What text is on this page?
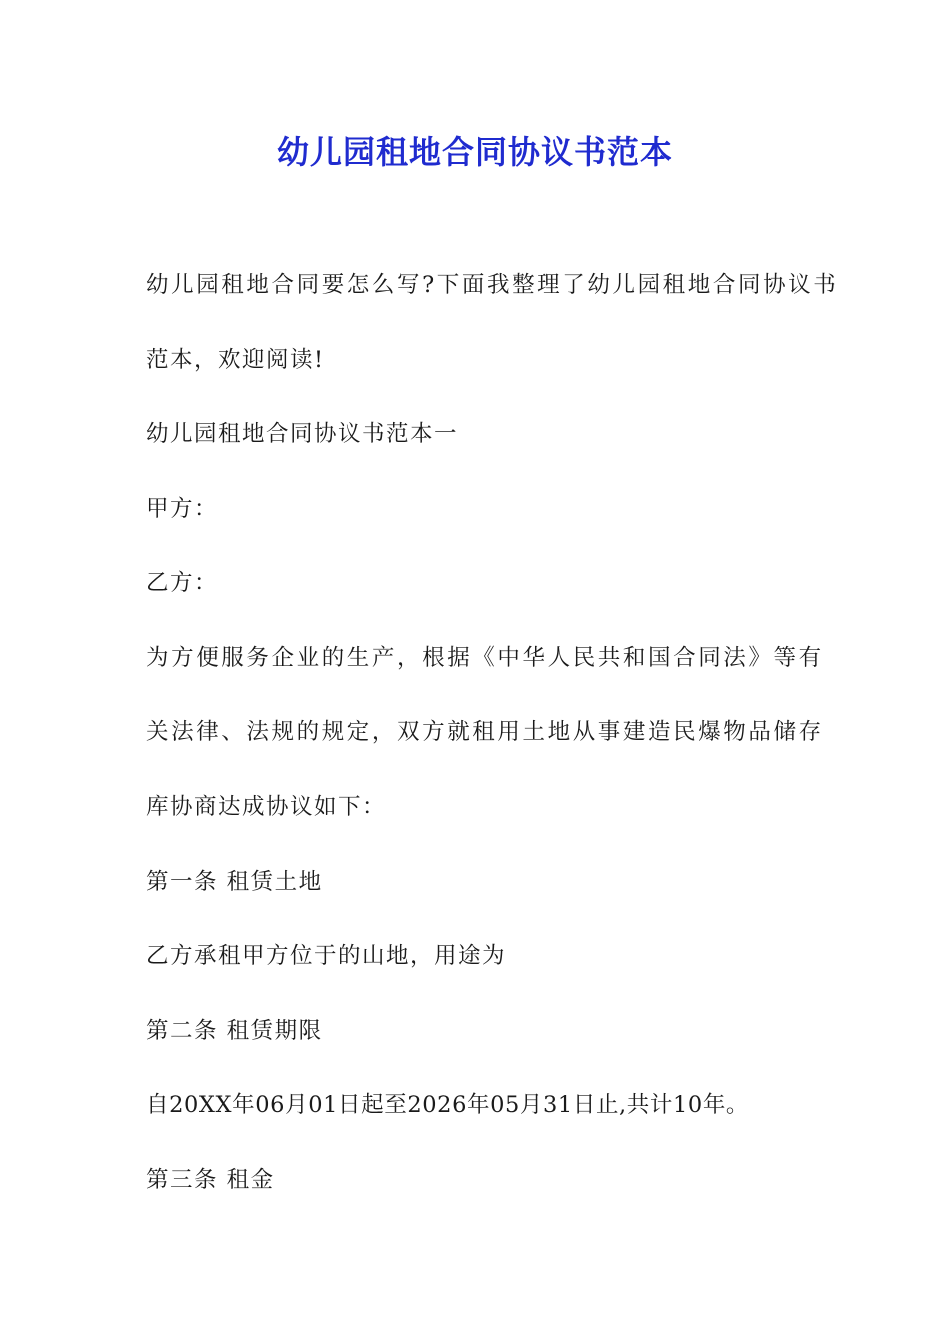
幼儿园租地合同协议书范本
幼儿园租地合同要怎么写?下面我整理了幼儿园租地合同协议书
范本，欢迎阅读!
幼儿园租地合同协议书范本一
甲方：
乙方：
为方便服务企业的生产，根据《中华人民共和国合同法》等有
关法律、法规的规定，双方就租用土地从事建造民爆物品储存
库协商达成协议如下：
第一条 租赁土地
乙方承租甲方位于的山地，用途为
第二条 租赁期限
自20XX年06月01日起至2026年05月31日止,共计10年。
第三条 租金
